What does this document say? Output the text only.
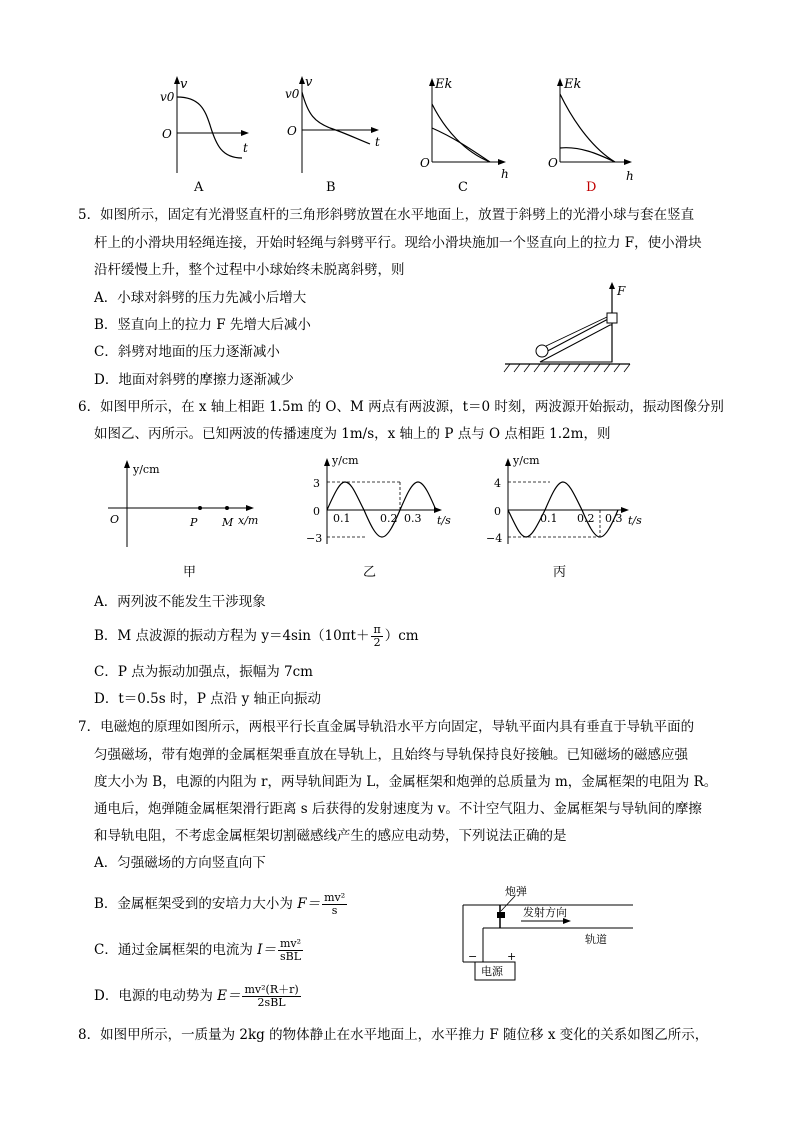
v
v0
O
t
A
v
v0
O
t
B
Ek
O
h
C
Ek
O
h
D
5．如图所示，固定有光滑竖直杆的三角形斜劈放置在水平地面上，放置于斜劈上的光滑小球与套在竖直
杆上的小滑块用轻绳连接，开始时轻绳与斜劈平行。现给小滑块施加一个竖直向上的拉力 F，使小滑块
沿杆缓慢上升，整个过程中小球始终未脱离斜劈，则
A．小球对斜劈的压力先减小后增大
B．竖直向上的拉力 F 先增大后减小
C．斜劈对地面的压力逐渐减小
D．地面对斜劈的摩擦力逐渐减少
F
6．如图甲所示，在 x 轴上相距 1.5m 的 O、M 两点有两波源，t＝0 时刻，两波源开始振动，振动图像分别
如图乙、丙所示。已知两波的传播速度为 1m/s，x 轴上的 P 点与 O 点相距 1.2m，则
y/cm
O	P M x/m
甲
y/cm
3
0
−3
0.1	0.2 0.3 t/s
乙
y/cm
4
0
−4
0.1 0.2 0.3 t/s
丙
A．两列波不能发生干涉现象
B．M 点波源的振动方程为 $y=4\sin(10\pi t+ \frac{\pi}{2} )cm$
C．P 点为振动加强点，振幅为 7cm
D．t＝0.5s 时，P 点沿 y 轴正向振动
7．电磁炮的原理如图所示，两根平行长直金属导轨沿水平方向固定，导轨平面内具有垂直于导轨平面的
匀强磁场，带有炮弹的金属框架垂直放在导轨上，且始终与导轨保持良好接触。已知磁场的磁感应强
度大小为 B，电源的内阻为 r，两导轨间距为 L，金属框架和炮弹的总质量为 m，金属框架的电阻为 R。
通电后，炮弹随金属框架滑行距离 s 后获得的发射速度为 v。不计空气阻力、金属框架与导轨间的摩擦
和导轨电阻，不考虑金属框架切割磁感线产生的感应电动势，下列说法正确的是
A．匀强磁场的方向竖直向下
B．金属框架受到的安培力大小为 $F= \frac{\text{mv²}}{s}$
C．通过金属框架的电流为 $I= \frac{\text{mv²}}{\text{sBL}}$
D．电源的电动势为 $E= \frac{\text{mv²(R＋r)}}{\text{2sBL}}$
电源
−	+
炮弹
发射方向
轨道
8．如图甲所示，一质量为 2kg 的物体静止在水平地面上，水平推力 F 随位移 x 变化的关系如图乙所示，
